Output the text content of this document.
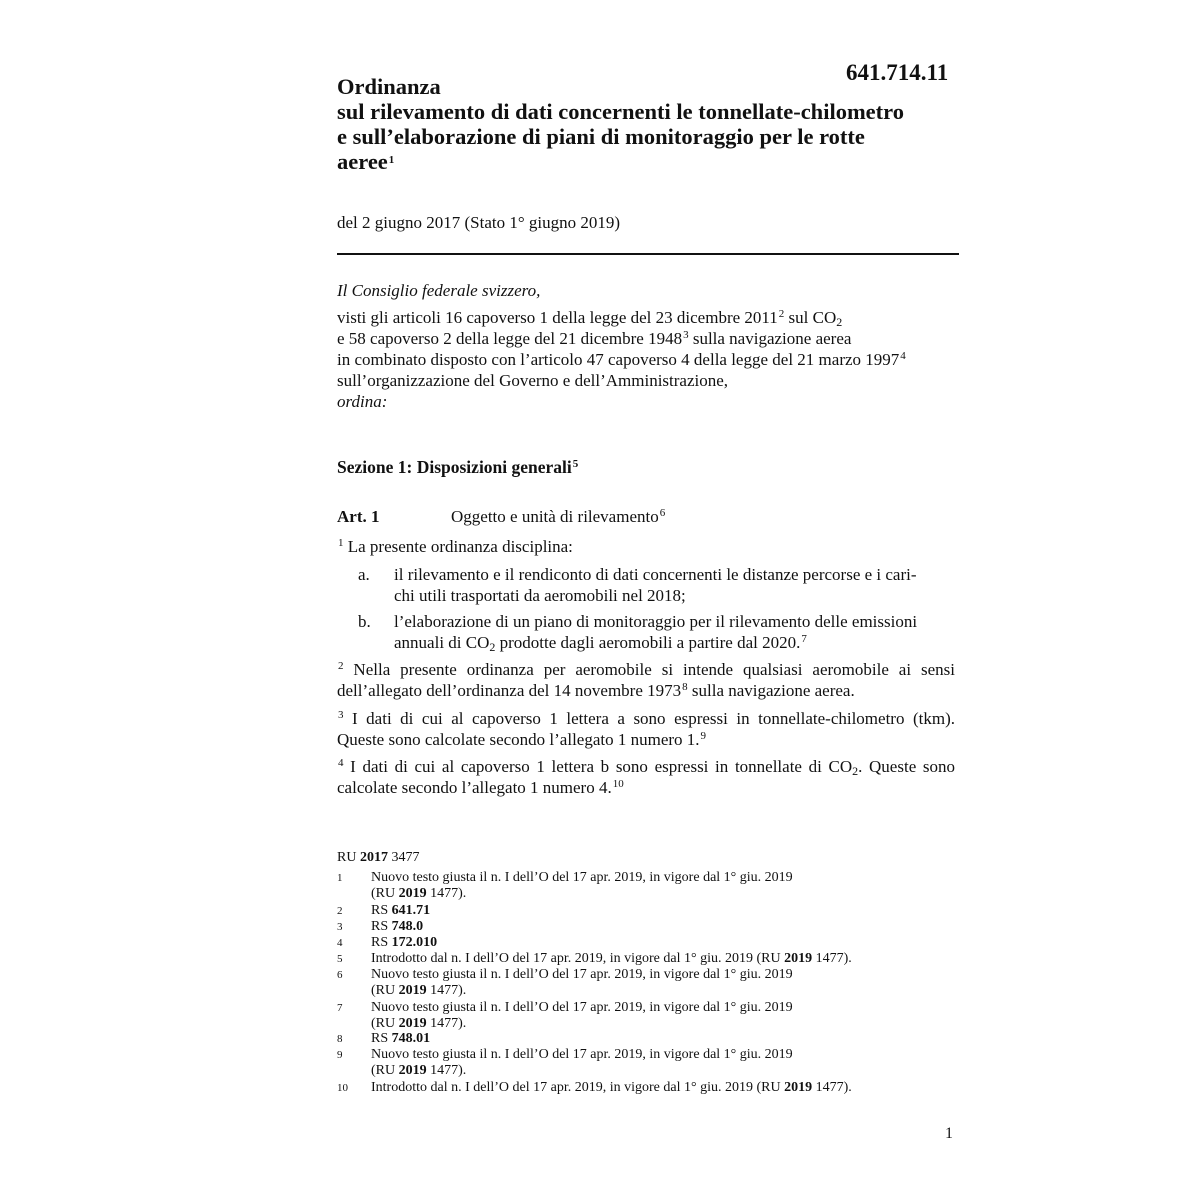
641.714.11
Ordinanza
sul rilevamento di dati concernenti le tonnellate-chilometro
e sull’elaborazione di piani di monitoraggio per le rotte
aeree$^1$
del 2 giugno 2017 (Stato 1° giugno 2019)
Il Consiglio federale svizzero,
visti gli articoli 16 capoverso 1 della legge del 23 dicembre 2011$^2$ sul $CO_2$
e 58 capoverso 2 della legge del 21 dicembre 1948$^3$ sulla navigazione aerea
in combinato disposto con l’articolo 47 capoverso 4 della legge del 21 marzo 1997$^4$
sull’organizzazione del Governo e dell’Amministrazione,
ordina:
Sezione 1: Disposizioni generali$^5$
Art. 1	Oggetto e unità di rilevamento$^6$
$^1$ La presente ordinanza disciplina:
a. il rilevamento e il rendiconto di dati concernenti le distanze percorse e i cari-
chi utili trasportati da aeromobili nel 2018;
b. l’elaborazione di un piano di monitoraggio per il rilevamento delle emissioni
annuali di $CO_2$ prodotte dagli aeromobili a partire dal 2020.$^7$
$^2$ Nella presente ordinanza per aeromobile si intende qualsiasi aeromobile ai sensi
dell’allegato dell’ordinanza del 14 novembre 1973$^8$ sulla navigazione aerea.
$^3$ I dati di cui al capoverso 1 lettera a sono espressi in tonnellate-chilometro (tkm).
Queste sono calcolate secondo l’allegato 1 numero 1.$^9$
$^4$ I dati di cui al capoverso 1 lettera b sono espressi in tonnellate di $CO_2$. Queste sono
calcolate secondo l’allegato 1 numero 4.10
RU 2017 3477
1 Nuovo testo giusta il n. I dell’O del 17 apr. 2019, in vigore dal 1° giu. 2019
(RU 2019 1477).
2 RS 641.71
3 RS 748.0
4 RS 172.010
5 Introdotto dal n. I dell’O del 17 apr. 2019, in vigore dal 1° giu. 2019 (RU 2019 1477).
6 Nuovo testo giusta il n. I dell’O del 17 apr. 2019, in vigore dal 1° giu. 2019
(RU 2019 1477).
7 Nuovo testo giusta il n. I dell’O del 17 apr. 2019, in vigore dal 1° giu. 2019
(RU 2019 1477).
8 RS 748.01
9 Nuovo testo giusta il n. I dell’O del 17 apr. 2019, in vigore dal 1° giu. 2019
(RU 2019 1477).
10 Introdotto dal n. I dell’O del 17 apr. 2019, in vigore dal 1° giu. 2019 (RU 2019 1477).
1
